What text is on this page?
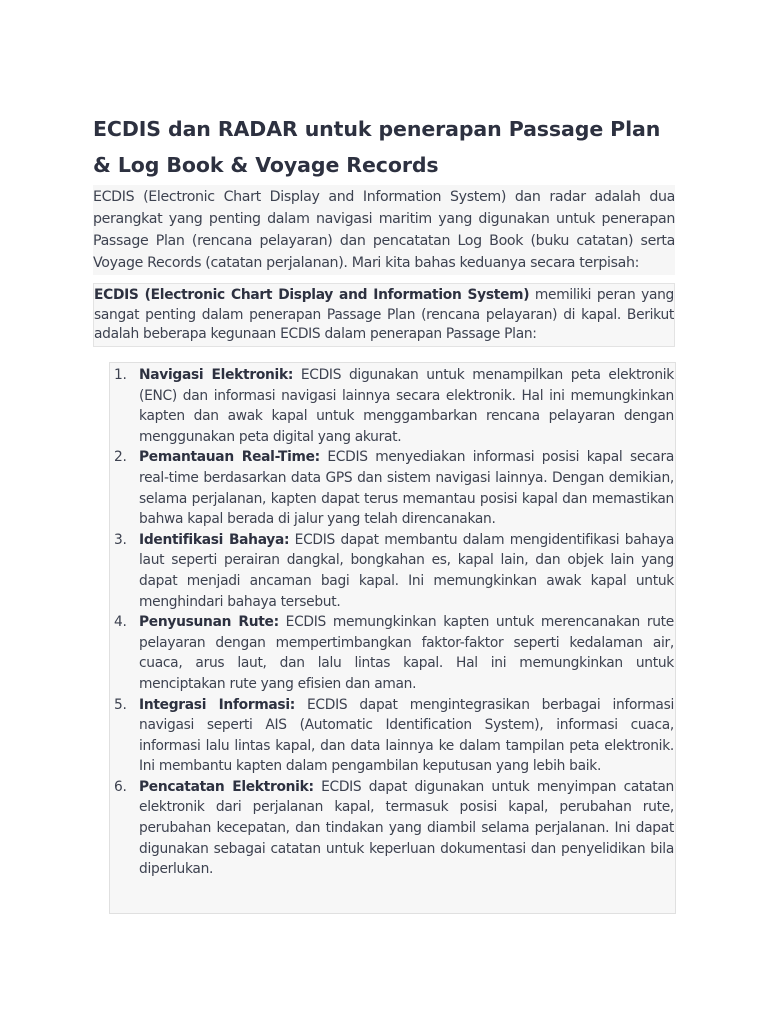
ECDIS dan RADAR untuk penerapan Passage Plan & Log Book & Voyage Records

ECDIS (Electronic Chart Display and Information System) dan radar adalah dua perangkat yang penting dalam navigasi maritim yang digunakan untuk penerapan Passage Plan (rencana pelayaran) dan pencatatan Log Book (buku catatan) serta Voyage Records (catatan perjalanan). Mari kita bahas keduanya secara terpisah:

ECDIS (Electronic Chart Display and Information System) memiliki peran yang sangat penting dalam penerapan Passage Plan (rencana pelayaran) di kapal. Berikut adalah beberapa kegunaan ECDIS dalam penerapan Passage Plan:
1. Navigasi Elektronik: ECDIS digunakan untuk menampilkan peta elektronik (ENC) dan informasi navigasi lainnya secara elektronik. Hal ini memungkinkan kapten dan awak kapal untuk menggambarkan rencana pelayaran dengan menggunakan peta digital yang akurat.
2. Pemantauan Real-Time: ECDIS menyediakan informasi posisi kapal secara real-time berdasarkan data GPS dan sistem navigasi lainnya. Dengan demikian, selama perjalanan, kapten dapat terus memantau posisi kapal dan memastikan bahwa kapal berada di jalur yang telah direncanakan.
3. Identifikasi Bahaya: ECDIS dapat membantu dalam mengidentifikasi bahaya laut seperti perairan dangkal, bongkahan es, kapal lain, dan objek lain yang dapat menjadi ancaman bagi kapal. Ini memungkinkan awak kapal untuk menghindari bahaya tersebut.
4. Penyusunan Rute: ECDIS memungkinkan kapten untuk merencanakan rute pelayaran dengan mempertimbangkan faktor-faktor seperti kedalaman air, cuaca, arus laut, dan lalu lintas kapal. Hal ini memungkinkan untuk menciptakan rute yang efisien dan aman.
5. Integrasi Informasi: ECDIS dapat mengintegrasikan berbagai informasi navigasi seperti AIS (Automatic Identification System), informasi cuaca, informasi lalu lintas kapal, dan data lainnya ke dalam tampilan peta elektronik. Ini membantu kapten dalam pengambilan keputusan yang lebih baik.
6. Pencatatan Elektronik: ECDIS dapat digunakan untuk menyimpan catatan elektronik dari perjalanan kapal, termasuk posisi kapal, perubahan rute, perubahan kecepatan, dan tindakan yang diambil selama perjalanan. Ini dapat digunakan sebagai catatan untuk keperluan dokumentasi dan penyelidikan bila diperlukan.
